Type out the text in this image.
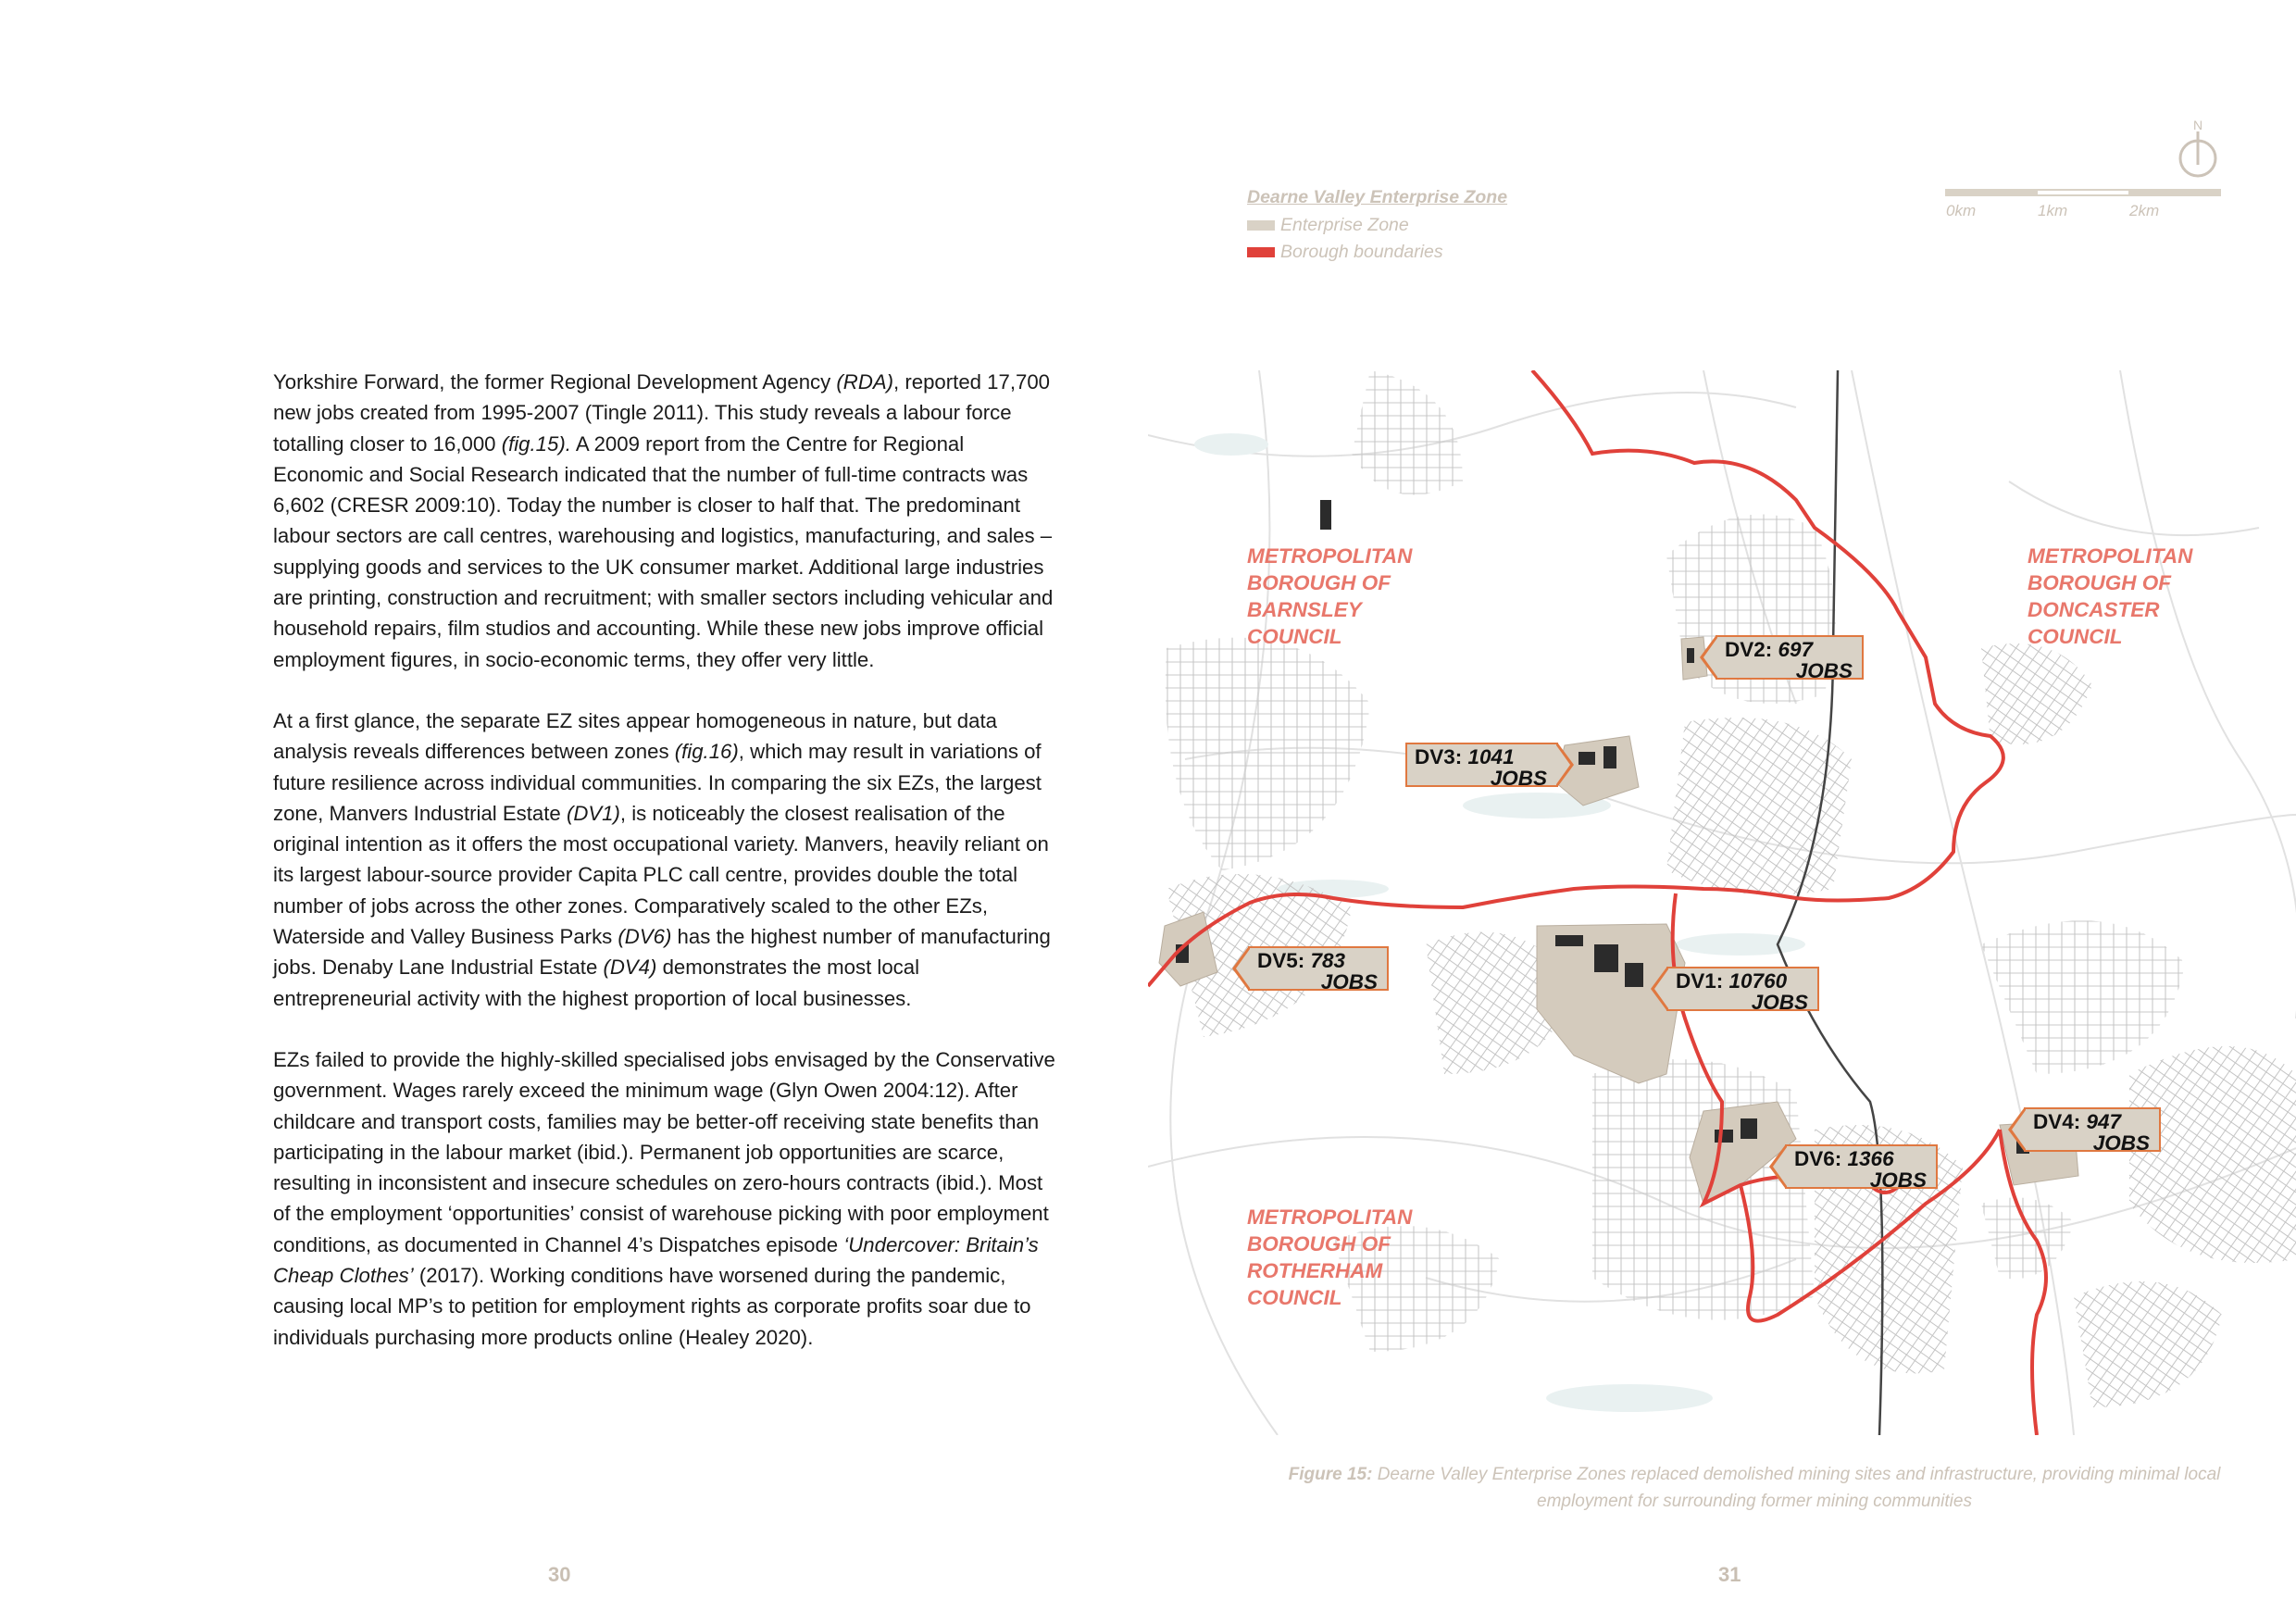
Yorkshire Forward, the former Regional Development Agency (RDA), reported 17,700 new jobs created from 1995-2007 (Tingle 2011). This study reveals a labour force totalling closer to 16,000 (fig.15). A 2009 report from the Centre for Regional Economic and Social Research indicated that the number of full-time contracts was 6,602 (CRESR 2009:10). Today the number is closer to half that. The predominant labour sectors are call centres, warehousing and logistics, manufacturing, and sales – supplying goods and services to the UK consumer market. Additional large industries are printing, construction and recruitment; with smaller sectors including vehicular and household repairs, film studios and accounting. While these new jobs improve official employment figures, in socio-economic terms, they offer very little.

At a first glance, the separate EZ sites appear homogeneous in nature, but data analysis reveals differences between zones (fig.16), which may result in variations of future resilience across individual communities. In comparing the six EZs, the largest zone, Manvers Industrial Estate (DV1), is noticeably the closest realisation of the original intention as it offers the most occupational variety. Manvers, heavily reliant on its largest labour-source provider Capita PLC call centre, provides double the total number of jobs across the other zones. Comparatively scaled to the other EZs, Waterside and Valley Business Parks (DV6) has the highest number of manufacturing jobs. Denaby Lane Industrial Estate (DV4) demonstrates the most local entrepreneurial activity with the highest proportion of local businesses.

EZs failed to provide the highly-skilled specialised jobs envisaged by the Conservative government. Wages rarely exceed the minimum wage (Glyn Owen 2004:12). After childcare and transport costs, families may be better-off receiving state benefits than participating in the labour market (ibid.). Permanent job opportunities are scarce, resulting in inconsistent and insecure schedules on zero-hours contracts (ibid.). Most of the employment ‘opportunities’ consist of warehouse picking with poor employment conditions, as documented in Channel 4’s Dispatches episode ‘Undercover: Britain’s Cheap Clothes’ (2017). Working conditions have worsened during the pandemic, causing local MP’s to petition for employment rights as corporate profits soar due to individuals purchasing more products online (Healey 2020).

30
Dearne Valley Enterprise Zone
Enterprise Zone
Borough boundaries
N
0km	1km	2km
METROPOLITAN
BOROUGH OF
BARNSLEY
COUNCIL
METROPOLITAN
BOROUGH OF
DONCASTER
COUNCIL
METROPOLITAN
BOROUGH OF
ROTHERHAM
COUNCIL
DV2: 697
JOBS
DV3: 1041
JOBS
DV5: 783
JOBS	DV1: 10760
JOBS
DV4: 947
JOBS
DV6: 1366
JOBS
Figure 15: Dearne Valley Enterprise Zones replaced demolished mining sites and infrastructure, providing minimal local employment for surrounding former mining communities
31
